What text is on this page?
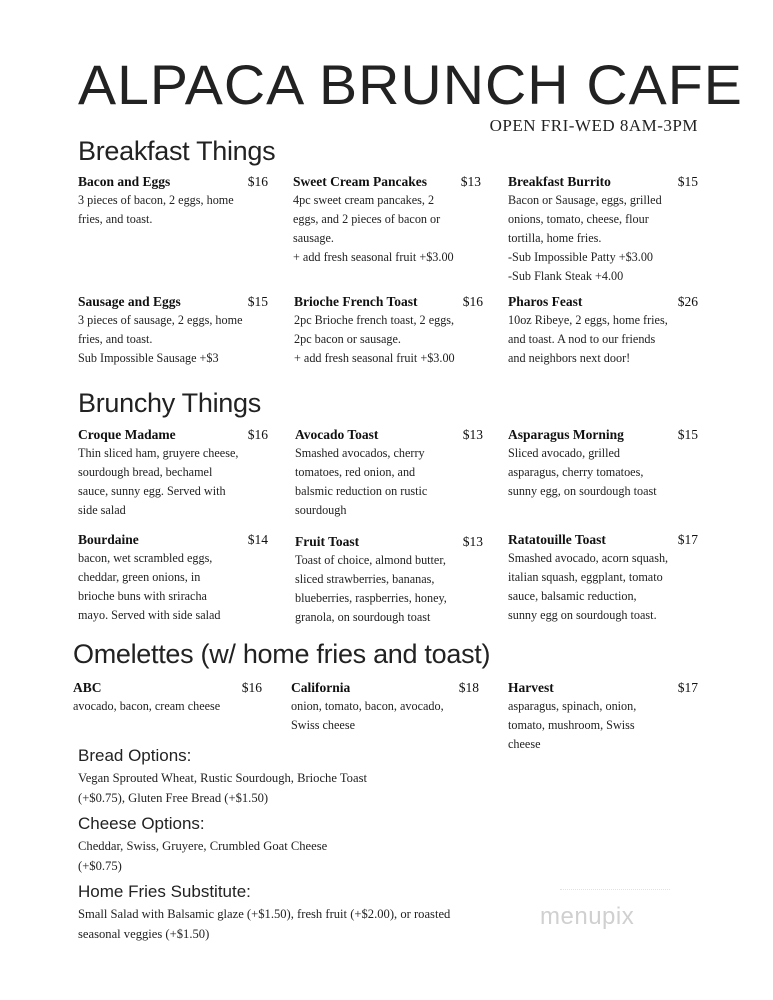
ALPACA BRUNCH CAFE
OPEN FRI-WED 8AM-3PM
Breakfast Things
Brunchy Things
Omelettes (w/ home fries and toast)
Bacon and Eggs	$16
3 pieces of bacon, 2 eggs, home
fries, and toast.
Sweet Cream Pancakes	$13
4pc sweet cream pancakes, 2
eggs, and 2 pieces of bacon or
sausage.
+ add fresh seasonal fruit +$3.00
Breakfast Burrito	$15
Bacon or Sausage, eggs, grilled
onions, tomato, cheese, flour
tortilla, home fries.
-Sub Impossible Patty +$3.00
-Sub Flank Steak +4.00
Sausage and Eggs	$15
3 pieces of sausage, 2 eggs, home
fries, and toast.
Sub Impossible Sausage +$3
Brioche French Toast	$16
2pc Brioche french toast, 2 eggs,
2pc bacon or sausage.
+ add fresh seasonal fruit +$3.00
Pharos Feast	$26
10oz Ribeye, 2 eggs, home fries,
and toast. A nod to our friends
and neighbors next door!
Croque Madame	$16
Thin sliced ham, gruyere cheese,
sourdough bread, bechamel
sauce, sunny egg. Served with
side salad
Avocado Toast	$13
Smashed avocados, cherry
tomatoes, red onion, and
balsmic reduction on rustic
sourdough
Asparagus Morning	$15
Sliced avocado, grilled
asparagus, cherry tomatoes,
sunny egg, on sourdough toast
Bourdaine	$14
bacon, wet scrambled eggs,
cheddar, green onions, in
brioche buns with sriracha
mayo. Served with side salad
Fruit Toast	$13
Toast of choice, almond butter,
sliced strawberries, bananas,
blueberries, raspberries, honey,
granola, on sourdough toast
Ratatouille Toast	$17
Smashed avocado, acorn squash,
italian squash, eggplant, tomato
sauce, balsamic reduction,
sunny egg on sourdough toast.
ABC	$16
avocado, bacon, cream cheese
California	$18
onion, tomato, bacon, avocado,
Swiss cheese
Harvest	$17
asparagus, spinach, onion,
tomato, mushroom, Swiss
cheese
Bread Options:
Vegan Sprouted Wheat, Rustic Sourdough, Brioche Toast
(+$0.75), Gluten Free Bread (+$1.50)
Cheese Options:
Cheddar, Swiss, Gruyere, Crumbled Goat Cheese
(+$0.75)
Home Fries Substitute:
Small Salad with Balsamic glaze (+$1.50), fresh fruit (+$2.00), or roasted
seasonal veggies (+$1.50)
menupix
